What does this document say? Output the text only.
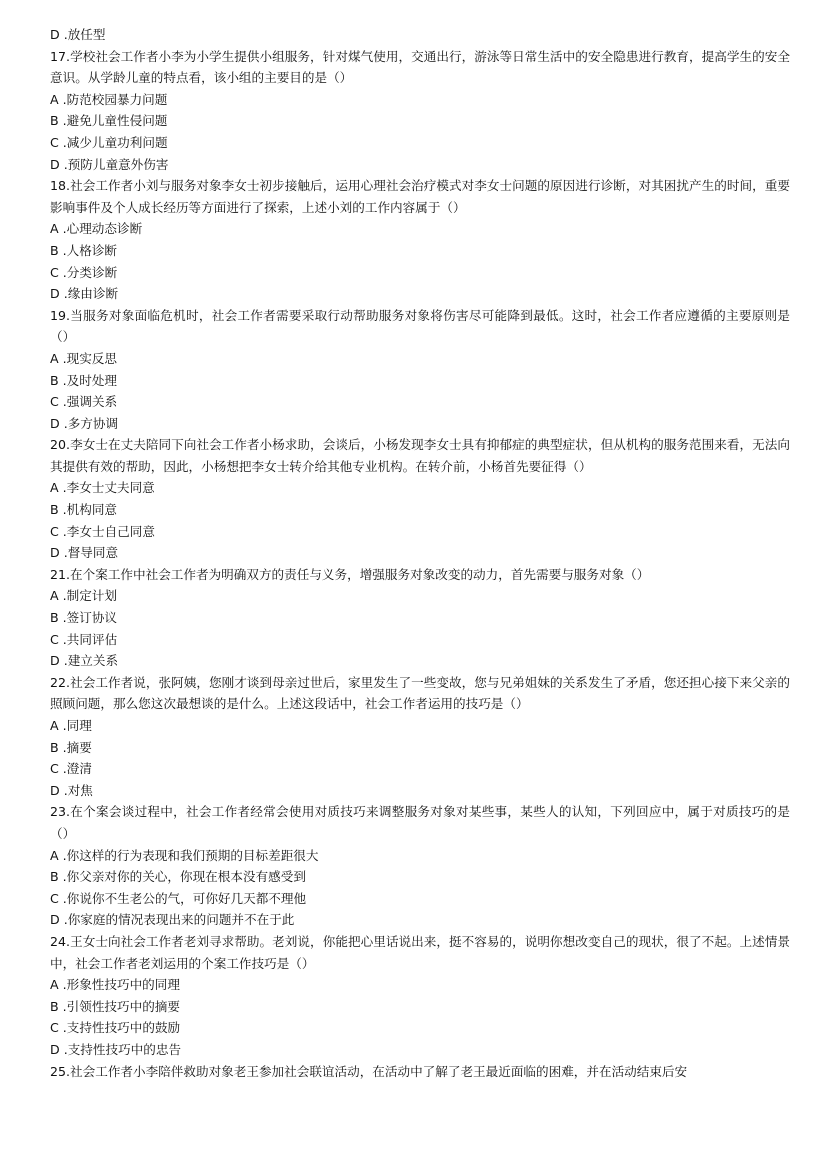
D .放任型
17.学校社会工作者小李为小学生提供小组服务，针对煤气使用，交通出行，游泳等日常生活中的安全隐患进行教育，提高学生的安全意识。从学龄儿童的特点看，该小组的主要目的是（）
A .防范校园暴力问题
B .避免儿童性侵问题
C .减少儿童功利问题
D .预防儿童意外伤害
18.社会工作者小刘与服务对象李女士初步接触后，运用心理社会治疗模式对李女士问题的原因进行诊断，对其困扰产生的时间，重要影响事件及个人成长经历等方面进行了探索，上述小刘的工作内容属于（）
A .心理动态诊断
B .人格诊断
C .分类诊断
D .缘由诊断
19.当服务对象面临危机时，社会工作者需要采取行动帮助服务对象将伤害尽可能降到最低。这时，社会工作者应遵循的主要原则是（）
A .现实反思
B .及时处理
C .强调关系
D .多方协调
20.李女士在丈夫陪同下向社会工作者小杨求助，会谈后，小杨发现李女士具有抑郁症的典型症状，但从机构的服务范围来看，无法向其提供有效的帮助，因此，小杨想把李女士转介给其他专业机构。在转介前，小杨首先要征得（）
A .李女士丈夫同意
B .机构同意
C .李女士自己同意
D .督导同意
21.在个案工作中社会工作者为明确双方的责任与义务，增强服务对象改变的动力，首先需要与服务对象（）
A .制定计划
B .签订协议
C .共同评估
D .建立关系
22.社会工作者说，张阿姨，您刚才谈到母亲过世后，家里发生了一些变故，您与兄弟姐妹的关系发生了矛盾，您还担心接下来父亲的照顾问题，那么您这次最想谈的是什么。上述这段话中，社会工作者运用的技巧是（）
A .同理
B .摘要
C .澄清
D .对焦
23.在个案会谈过程中，社会工作者经常会使用对质技巧来调整服务对象对某些事，某些人的认知，下列回应中，属于对质技巧的是（）
A .你这样的行为表现和我们预期的目标差距很大
B .你父亲对你的关心，你现在根本没有感受到
C .你说你不生老公的气，可你好几天都不理他
D .你家庭的情况表现出来的问题并不在于此
24.王女士向社会工作者老刘寻求帮助。老刘说，你能把心里话说出来，挺不容易的，说明你想改变自己的现状，很了不起。上述情景中，社会工作者老刘运用的个案工作技巧是（）
A .形象性技巧中的同理
B .引领性技巧中的摘要
C .支持性技巧中的鼓励
D .支持性技巧中的忠告
25.社会工作者小李陪伴救助对象老王参加社会联谊活动，在活动中了解了老王最近面临的困难，并在活动结束后安
